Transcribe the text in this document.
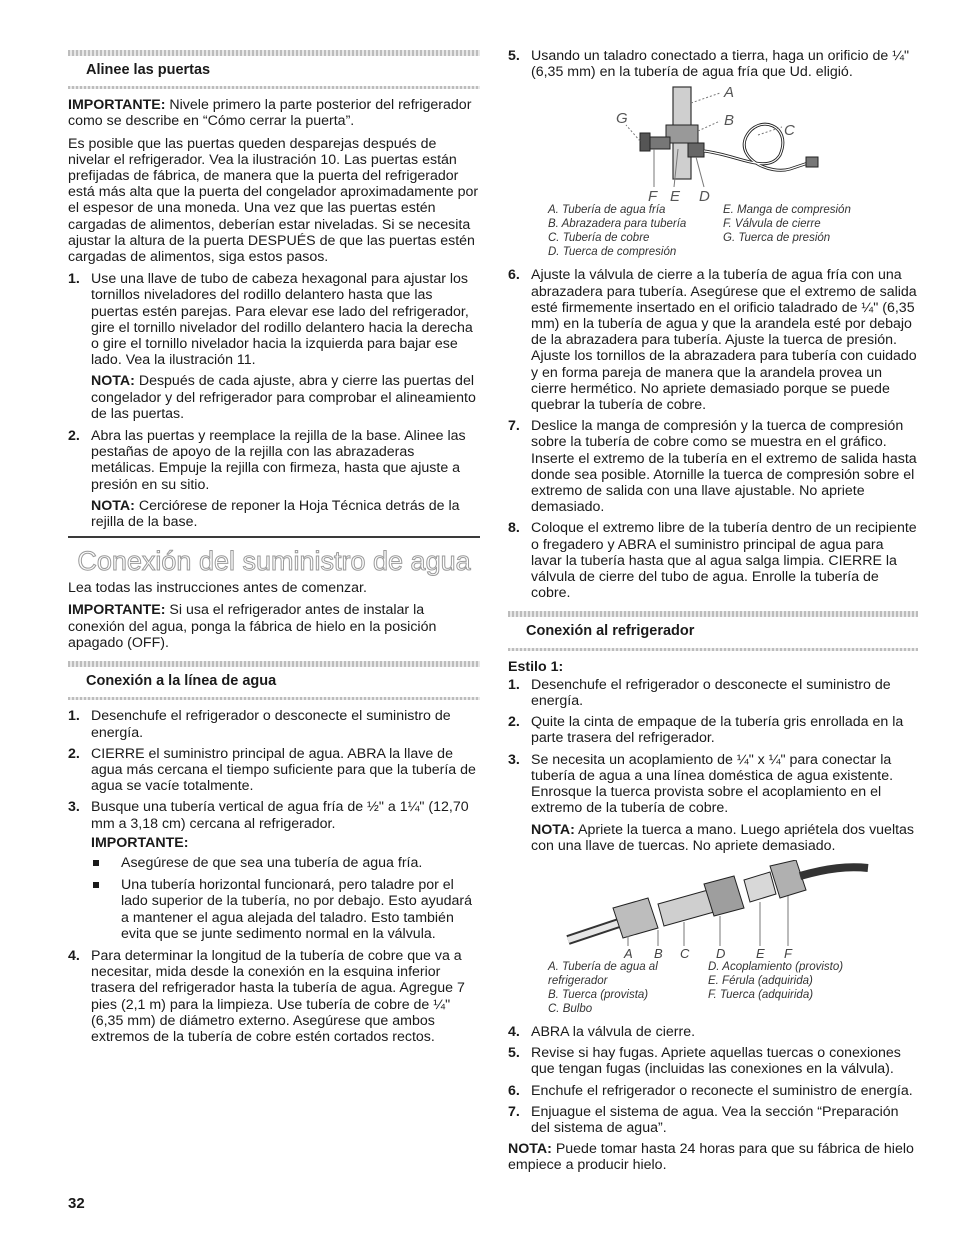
Alinee las puertas

IMPORTANTE: Nivele primero la parte posterior del refrigerador como se describe en “Cómo cerrar la puerta”.

Es posible que las puertas queden desparejas después de nivelar el refrigerador. Vea la ilustración 10. Las puertas están prefijadas de fábrica, de manera que la puerta del refrigerador está más alta que la puerta del congelador aproximadamente por el espesor de una moneda. Una vez que las puertas estén cargadas de alimentos, deberían estar niveladas. Si se necesita ajustar la altura de la puerta DESPUÉS de que las puertas estén cargadas de alimentos, siga estos pasos.

1. Use una llave de tubo de cabeza hexagonal para ajustar los tornillos niveladores del rodillo delantero hasta que las puertas estén parejas. Para elevar ese lado del refrigerador, gire el tornillo nivelador del rodillo delantero hacia la derecha o gire el tornillo nivelador hacia la izquierda para bajar ese lado. Vea la ilustración 11.

NOTA: Después de cada ajuste, abra y cierre las puertas del congelador y del refrigerador para comprobar el alineamiento de las puertas.

2. Abra las puertas y reemplace la rejilla de la base. Alinee las pestañas de apoyo de la rejilla con las abrazaderas metálicas. Empuje la rejilla con firmeza, hasta que ajuste a presión en su sitio.

NOTA: Cerciórese de reponer la Hoja Técnica detrás de la rejilla de la base.

Conexión del suministro de agua

Lea todas las instrucciones antes de comenzar.

IMPORTANTE: Si usa el refrigerador antes de instalar la conexión del agua, ponga la fábrica de hielo en la posición apagado (OFF).

Conexión a la línea de agua
1. Desenchufe el refrigerador o desconecte el suministro de energía.
2. CIERRE el suministro principal de agua. ABRA la llave de agua más cercana el tiempo suficiente para que la tubería de agua se vacíe totalmente.
3. Busque una tubería vertical de agua fría de ½" a 1¼" (12,70 mm a 3,18 cm) cercana al refrigerador.
IMPORTANTE:
Asegúrese de que sea una tubería de agua fría.
Una tubería horizontal funcionará, pero taladre por el lado superior de la tubería, no por debajo. Esto ayudará a mantener el agua alejada del taladro. Esto también evita que se junte sedimento normal en la válvula.
4. Para determinar la longitud de la tubería de cobre que va a necesitar, mida desde la conexión en la esquina inferior trasera del refrigerador hasta la tubería de agua. Agregue 7 pies (2,1 m) para la limpieza. Use tubería de cobre de ¼" (6,35 mm) de diámetro externo. Asegúrese que ambos extremos de la tubería de cobre estén cortados rectos.
5. Usando un taladro conectado a tierra, haga un orificio de ¼" (6,35 mm) en la tubería de agua fría que Ud. eligió.
A
B
C
D
E
F
G
A. Tubería de agua fría
B. Abrazadera para tubería
C. Tubería de cobre
D. Tuerca de compresión
E. Manga de compresión
F. Válvula de cierre
G. Tuerca de presión
6. Ajuste la válvula de cierre a la tubería de agua fría con una abrazadera para tubería. Asegúrese que el extremo de salida esté firmemente insertado en el orificio taladrado de ¼" (6,35 mm) en la tubería de agua y que la arandela esté por debajo de la abrazadera para tubería. Ajuste la tuerca de presión. Ajuste los tornillos de la abrazadera para tubería con cuidado y en forma pareja de manera que la arandela provea un cierre hermético. No apriete demasiado porque se puede quebrar la tubería de cobre.
7. Deslice la manga de compresión y la tuerca de compresión sobre la tubería de cobre como se muestra en el gráfico. Inserte el extremo de la tubería en el extremo de salida hasta donde sea posible. Atornille la tuerca de compresión sobre el extremo de salida con una llave ajustable. No apriete demasiado.
8. Coloque el extremo libre de la tubería dentro de un recipiente o fregadero y ABRA el suministro principal de agua para lavar la tubería hasta que al agua salga limpia. CIERRE la válvula de cierre del tubo de agua. Enrolle la tubería de cobre.
Conexión al refrigerador
Estilo 1:
1. Desenchufe el refrigerador o desconecte el suministro de energía.
2. Quite la cinta de empaque de la tubería gris enrollada en la parte trasera del refrigerador.
3. Se necesita un acoplamiento de ¼" x ¼" para conectar la tubería de agua a una línea doméstica de agua existente. Enrosque la tuerca provista sobre el acoplamiento en el extremo de la tubería de cobre.

NOTA: Apriete la tuerca a mano. Luego apriétela dos vueltas con una llave de tuercas. No apriete demasiado.

A B C D E F
A. Tubería de agua al refrigerador
B. Tuerca (provista)
C. Bulbo
D. Acoplamiento (provisto)
E. Férula (adquirida)
F. Tuerca (adquirida)
4. ABRA la válvula de cierre.
5. Revise si hay fugas. Apriete aquellas tuercas o conexiones que tengan fugas (incluidas las conexiones en la válvula).
6. Enchufe el refrigerador o reconecte el suministro de energía.
7. Enjuague el sistema de agua. Vea la sección “Preparación del sistema de agua”.

NOTA: Puede tomar hasta 24 horas para que su fábrica de hielo empiece a producir hielo.

32
